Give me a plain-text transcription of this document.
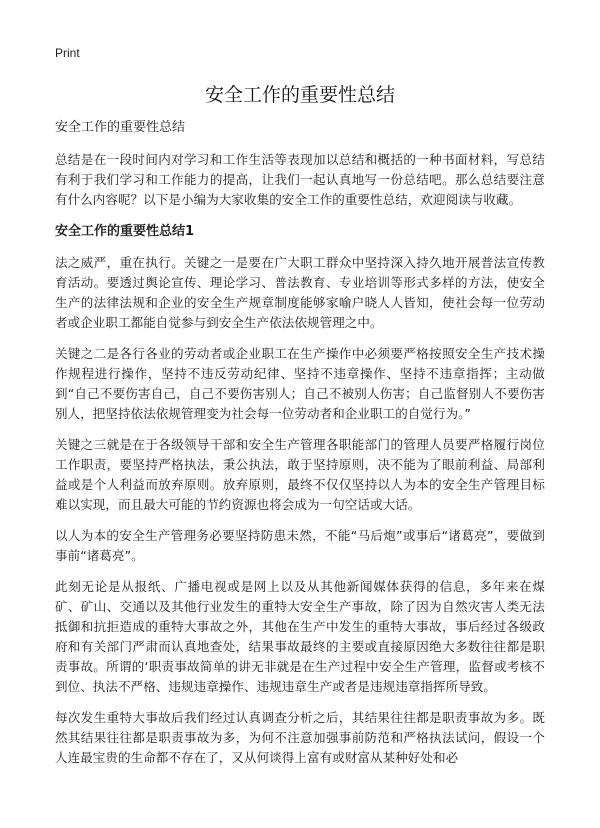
Print
安全工作的重要性总结
安全工作的重要性总结

总结是在一段时间内对学习和工作生活等表现加以总结和概括的一种书面材料，写总结有利于我们学习和工作能力的提高，让我们一起认真地写一份总结吧。那么总结要注意有什么内容呢？以下是小编为大家收集的安全工作的重要性总结，欢迎阅读与收藏。

安全工作的重要性总结1

法之威严，重在执行。关键之一是要在广大职工群众中坚持深入持久地开展普法宣传教育活动。要透过舆论宣传、理论学习、普法教育、专业培训等形式多样的方法，使安全生产的法律法规和企业的安全生产规章制度能够家喻户晓人人皆知，使社会每一位劳动者或企业职工都能自觉参与到安全生产依法依规管理之中。

关键之二是各行各业的劳动者或企业职工在生产操作中必须要严格按照安全生产技术操作规程进行操作，坚持不违反劳动纪律、坚持不违章操作、坚持不违章指挥；主动做到“自己不要伤害自己，自己不要伤害别人；自己不被别人伤害；自己监督别人不要伤害别人，把坚持依法依规管理变为社会每一位劳动者和企业职工的自觉行为。”

关键之三就是在于各级领导干部和安全生产管理各职能部门的管理人员要严格履行岗位工作职责，要坚持严格执法，秉公执法，敢于坚持原则，决不能为了眼前利益、局部利益或是个人利益而放弃原则。放弃原则，最终不仅仅坚持以人为本的安全生产管理目标难以实现，而且最大可能的节约资源也将会成为一句空话或大话。

以人为本的安全生产管理务必要坚持防患未然，不能“马后炮”或事后“诸葛亮”，要做到事前“诸葛亮”。

此刻无论是从报纸、广播电视或是网上以及从其他新闻媒体获得的信息，多年来在煤矿、矿山、交通以及其他行业发生的重特大安全生产事故，除了因为自然灾害人类无法抵御和抗拒造成的重特大事故之外，其他在生产中发生的重特大事故，事后经过各级政府和有关部门严肃而认真地查处，结果事故最终的主要或直接原因绝大多数往往都是职责事故。所谓的‘职责事故简单的讲无非就是在生产过程中安全生产管理，监督或考核不到位、执法不严格、违规违章操作、违规违章生产或者是违规违章指挥所导致。

每次发生重特大事故后我们经过认真调查分析之后，其结果往往都是职责事故为多。既然其结果往往都是职责事故为多，为何不注意加强事前防范和严格执法试问，假设一个人连最宝贵的生命都不存在了，又从何谈得上富有或财富从某种好处和必
